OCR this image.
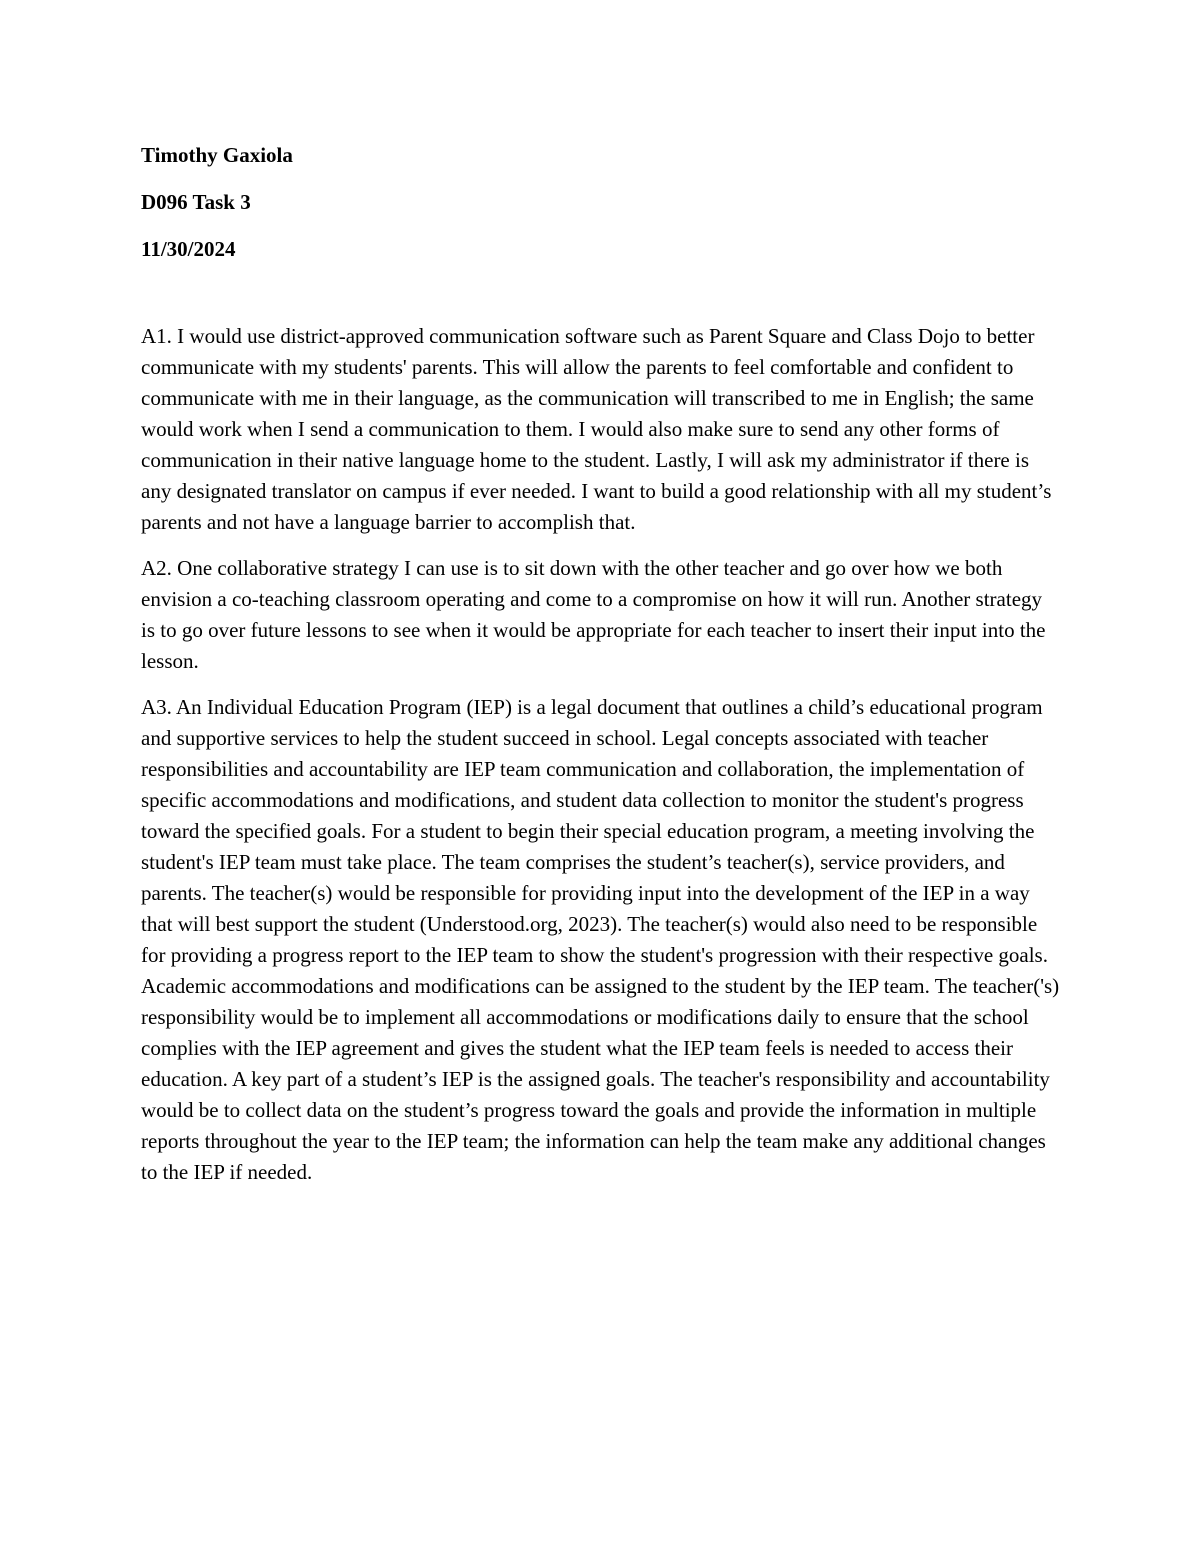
Timothy Gaxiola

D096 Task 3

11/30/2024

A1. I would use district-approved communication software such as Parent Square and Class Dojo to better communicate with my students' parents. This will allow the parents to feel comfortable and confident to communicate with me in their language, as the communication will transcribed to me in English; the same would work when I send a communication to them. I would also make sure to send any other forms of communication in their native language home to the student. Lastly, I will ask my administrator if there is any designated translator on campus if ever needed. I want to build a good relationship with all my student’s parents and not have a language barrier to accomplish that.

A2. One collaborative strategy I can use is to sit down with the other teacher and go over how we both envision a co-teaching classroom operating and come to a compromise on how it will run. Another strategy is to go over future lessons to see when it would be appropriate for each teacher to insert their input into the lesson.

A3. An Individual Education Program (IEP) is a legal document that outlines a child’s educational program and supportive services to help the student succeed in school. Legal concepts associated with teacher responsibilities and accountability are IEP team communication and collaboration, the implementation of specific accommodations and modifications, and student data collection to monitor the student's progress toward the specified goals. For a student to begin their special education program, a meeting involving the student's IEP team must take place. The team comprises the student’s teacher(s), service providers, and parents. The teacher(s) would be responsible for providing input into the development of the IEP in a way that will best support the student (Understood.org, 2023). The teacher(s) would also need to be responsible for providing a progress report to the IEP team to show the student's progression with their respective goals. Academic accommodations and modifications can be assigned to the student by the IEP team. The teacher('s) responsibility would be to implement all accommodations or modifications daily to ensure that the school complies with the IEP agreement and gives the student what the IEP team feels is needed to access their education. A key part of a student’s IEP is the assigned goals. The teacher's responsibility and accountability would be to collect data on the student’s progress toward the goals and provide the information in multiple reports throughout the year to the IEP team; the information can help the team make any additional changes to the IEP if needed.
